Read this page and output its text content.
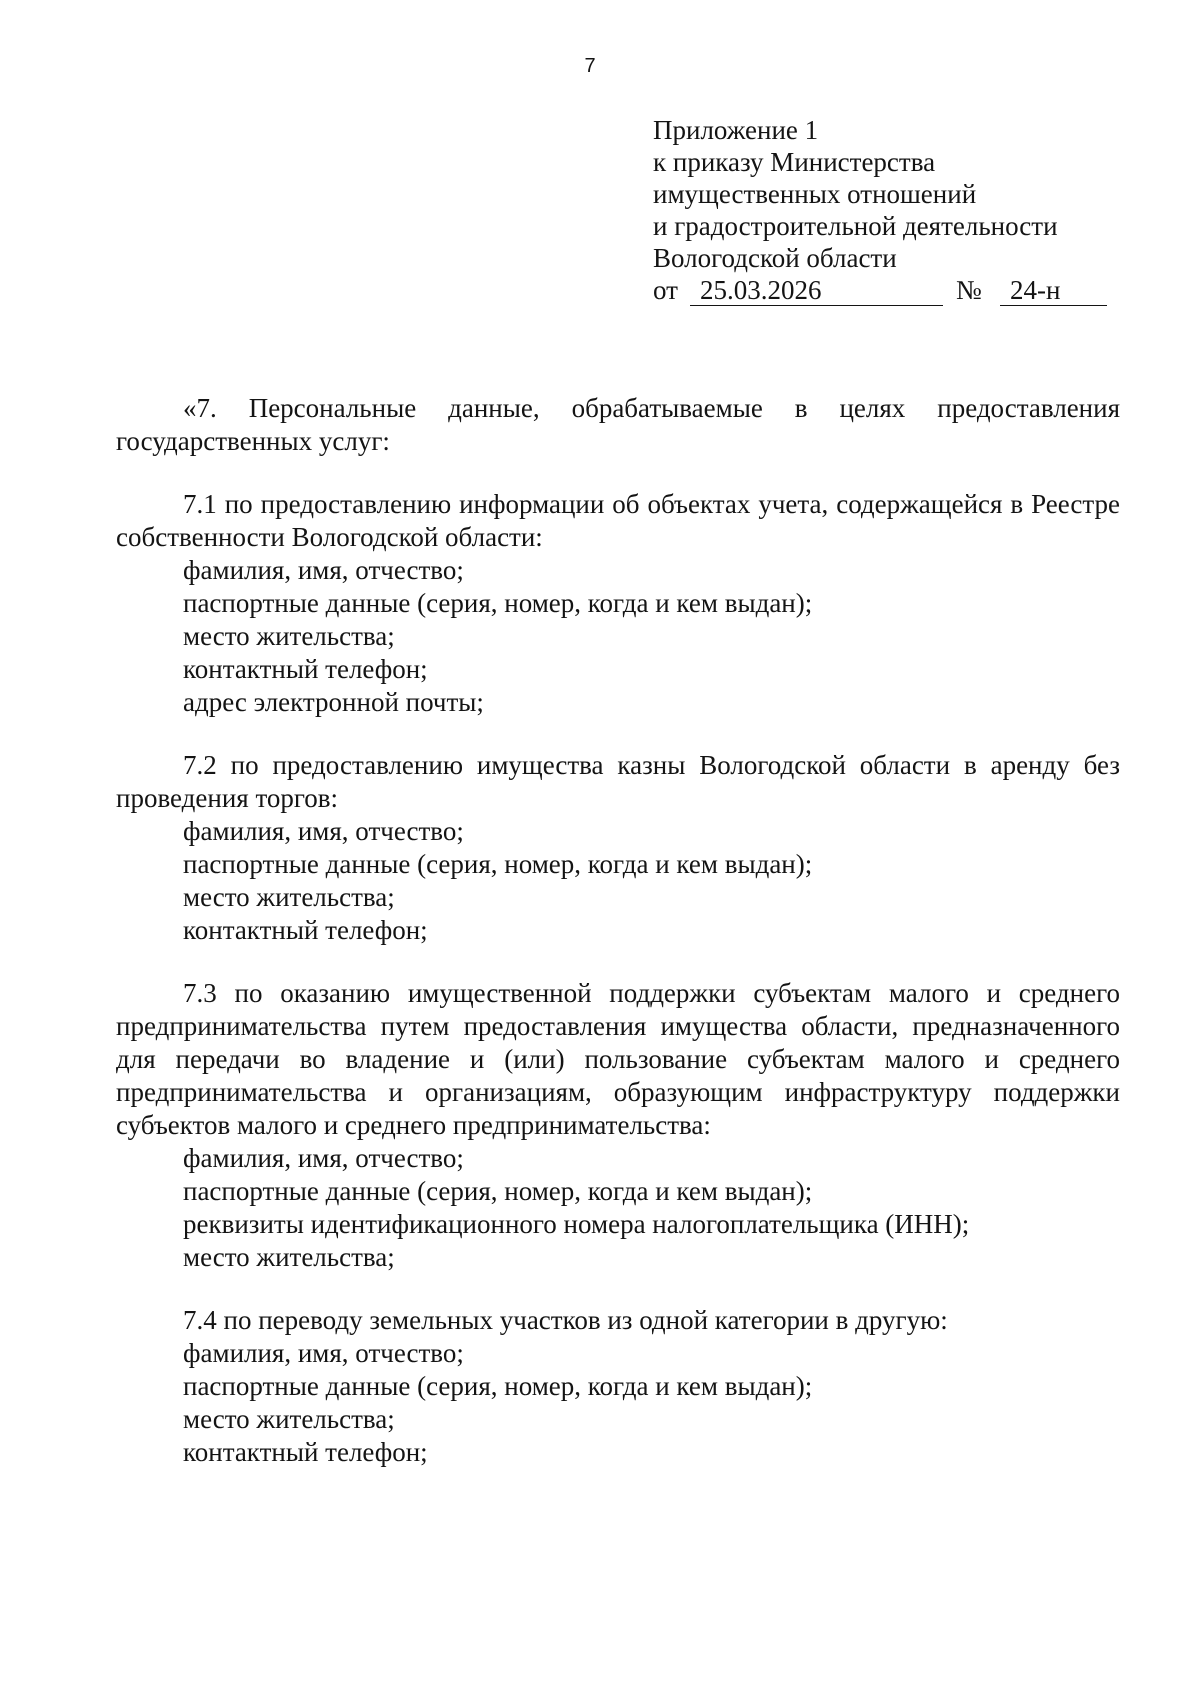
7
Приложение 1
к приказу Министерства
имущественных отношений
и градостроительной деятельности
Вологодской области
от 25.03.2026	№ 24-н

«7. Персональные данные, обрабатываемые в целях предоставления государственных услуг:

7.1 по предоставлению информации об объектах учета, содержащейся в Реестре собственности Вологодской области:

фамилия, имя, отчество;
паспортные данные (серия, номер, когда и кем выдан);
место жительства;
контактный телефон;
адрес электронной почты;

7.2 по предоставлению имущества казны Вологодской области в аренду без проведения торгов:

фамилия, имя, отчество;
паспортные данные (серия, номер, когда и кем выдан);
место жительства;
контактный телефон;

7.3 по оказанию имущественной поддержки субъектам малого и среднего предпринимательства путем предоставления имущества области, предназначенного для передачи во владение и (или) пользование субъектам малого и среднего предпринимательства и организациям, образующим инфраструктуру поддержки субъектов малого и среднего предпринимательства:

фамилия, имя, отчество;
паспортные данные (серия, номер, когда и кем выдан);
реквизиты идентификационного номера налогоплательщика (ИНН);
место жительства;

7.4 по переводу земельных участков из одной категории в другую:

фамилия, имя, отчество;
паспортные данные (серия, номер, когда и кем выдан);
место жительства;
контактный телефон;
